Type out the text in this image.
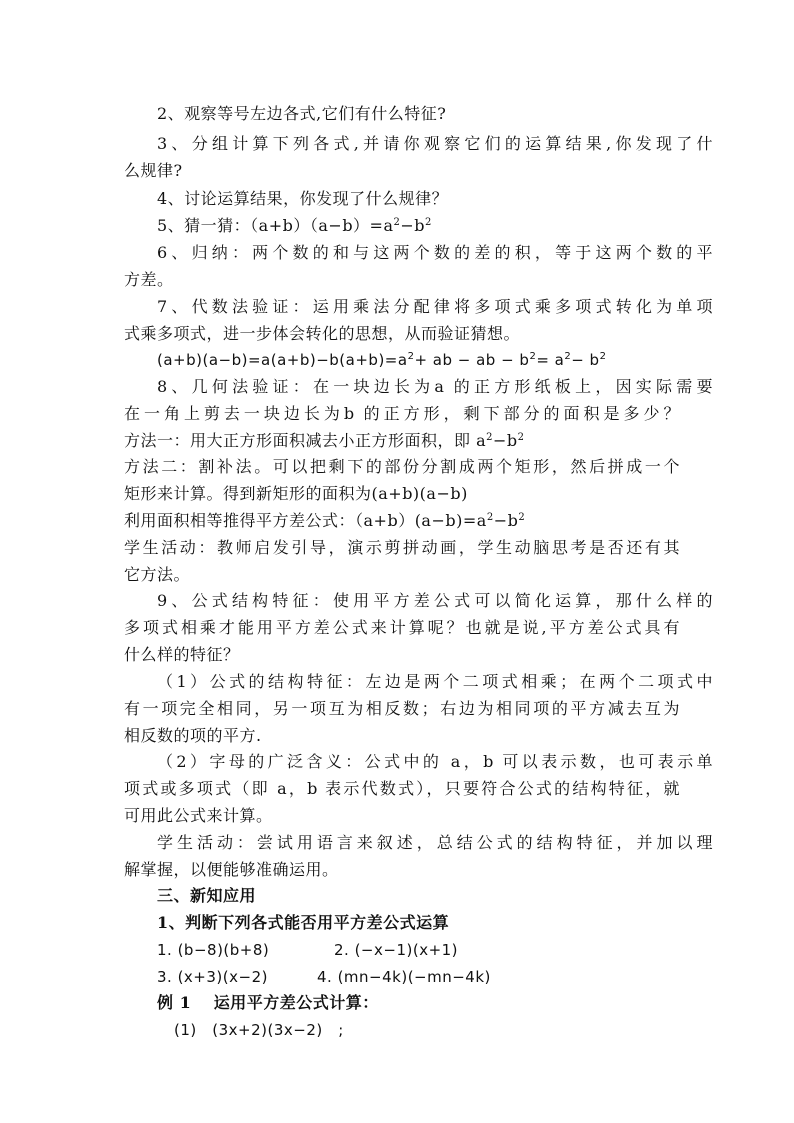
2、观察等号左边各式,它们有什么特征?
3、分组计算下列各式,并请你观察它们的运算结果,你发现了什
么规律?
4、讨论运算结果，你发现了什么规律？
5、猜一猜：$(a+b)(a-b)=a^2-b^2$
6、归纳：两个数的和与这两个数的差的积，等于这两个数的平
方差。
7、代数法验证：运用乘法分配律将多项式乘多项式转化为单项
式乘多项式，进一步体会转化的思想，从而验证猜想。
$(a+b)(a-b)=a(a+b)-b(a+b)=a^2+$ ab − ab − $b^2= a^2- b^2$
8、几何法验证：在一块边长为a 的正方形纸板上，因实际需要
在一角上剪去一块边长为b 的正方形，剩下部分的面积是多少？
方法一：用大正方形面积减去小正方形面积，即 $a^2-b^2$
方法二：割补法。可以把剩下的部份分割成两个矩形，然后拼成一个
矩形来计算。得到新矩形的面积为(a+b)(a−b)
利用面积相等推得平方差公式：$(a+b)(a-b)=a^2-b^2$
学生活动：教师启发引导，演示剪拼动画，学生动脑思考是否还有其
它方法。
9、公式结构特征：使用平方差公式可以简化运算，那什么样的
多项式相乘才能用平方差公式来计算呢？也就是说,平方差公式具有
什么样的特征？
（1）公式的结构特征：左边是两个二项式相乘；在两个二项式中
有一项完全相同，另一项互为相反数；右边为相同项的平方减去互为
相反数的项的平方.
（2）字母的广泛含义：公式中的 a，b 可以表示数，也可表示单
项式或多项式（即 a，b 表示代数式），只要符合公式的结构特征，就
可用此公式来计算。
学生活动：尝试用语言来叙述，总结公式的结构特征，并加以理
解掌握，以便能够准确运用。
三、新知应用
1、判断下列各式能否用平方差公式运算
1. (b−8)(b+8)	2. (−x−1)(x+1)
3. (x+3)(x−2)	4. (mn−4k)(−mn−4k)
例 1　 运用平方差公式计算：
(1)　(3x+2)(3x−2)　;
